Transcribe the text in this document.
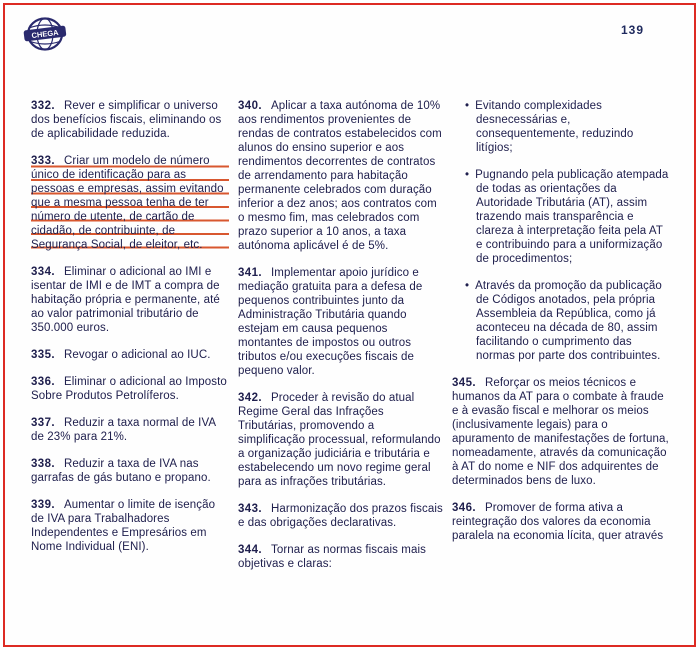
CHEGA	139

332. Rever e simplificar o universo dos benefícios fiscais, eliminando os de aplicabilidade reduzida.

333. Criar um modelo de número único de identificação para as pessoas e empresas, assim evitando que a mesma pessoa tenha de ter número de utente, de cartão de cidadão, de contribuinte, de Segurança Social, de eleitor, etc.

334. Eliminar o adicional ao IMI e isentar de IMI e de IMT a compra de habitação própria e permanente, até ao valor patrimonial tributário de 350.000 euros.

335. Revogar o adicional ao IUC.

336. Eliminar o adicional ao Imposto Sobre Produtos Petrolíferos.

337. Reduzir a taxa normal de IVA de 23% para 21%.

338. Reduzir a taxa de IVA nas garrafas de gás butano e propano.

339. Aumentar o limite de isenção de IVA para Trabalhadores Independentes e Empresários em Nome Individual (ENI).

340. Aplicar a taxa autónoma de 10% aos rendimentos provenientes de rendas de contratos estabelecidos com alunos do ensino superior e aos rendimentos decorrentes de contratos de arrendamento para habitação permanente celebrados com duração inferior a dez anos; aos contratos com o mesmo fim, mas celebrados com prazo superior a 10 anos, a taxa autónoma aplicável é de 5%.

341. Implementar apoio jurídico e mediação gratuita para a defesa de pequenos contribuintes junto da Administração Tributária quando estejam em causa pequenos montantes de impostos ou outros tributos e/ou execuções fiscais de pequeno valor.

342. Proceder à revisão do atual Regime Geral das Infrações Tributárias, promovendo a simplificação processual, reformulando a organização judiciária e tributária e estabelecendo um novo regime geral para as infrações tributárias.

343. Harmonização dos prazos fiscais e das obrigações declarativas.

344. Tornar as normas fiscais mais objetivas e claras:

• Evitando complexidades desnecessárias e, consequentemente, reduzindo litígios;

• Pugnando pela publicação atempada de todas as orientações da Autoridade Tributária (AT), assim trazendo mais transparência e clareza à interpretação feita pela AT e contribuindo para a uniformização de procedimentos;

• Através da promoção da publicação de Códigos anotados, pela própria Assembleia da República, como já aconteceu na década de 80, assim facilitando o cumprimento das normas por parte dos contribuintes.

345. Reforçar os meios técnicos e humanos da AT para o combate à fraude e à evasão fiscal e melhorar os meios (inclusivamente legais) para o apuramento de manifestações de fortuna, nomeadamente, através da comunicação à AT do nome e NIF dos adquirentes de determinados bens de luxo.

346. Promover de forma ativa a reintegração dos valores da economia paralela na economia lícita, quer através
